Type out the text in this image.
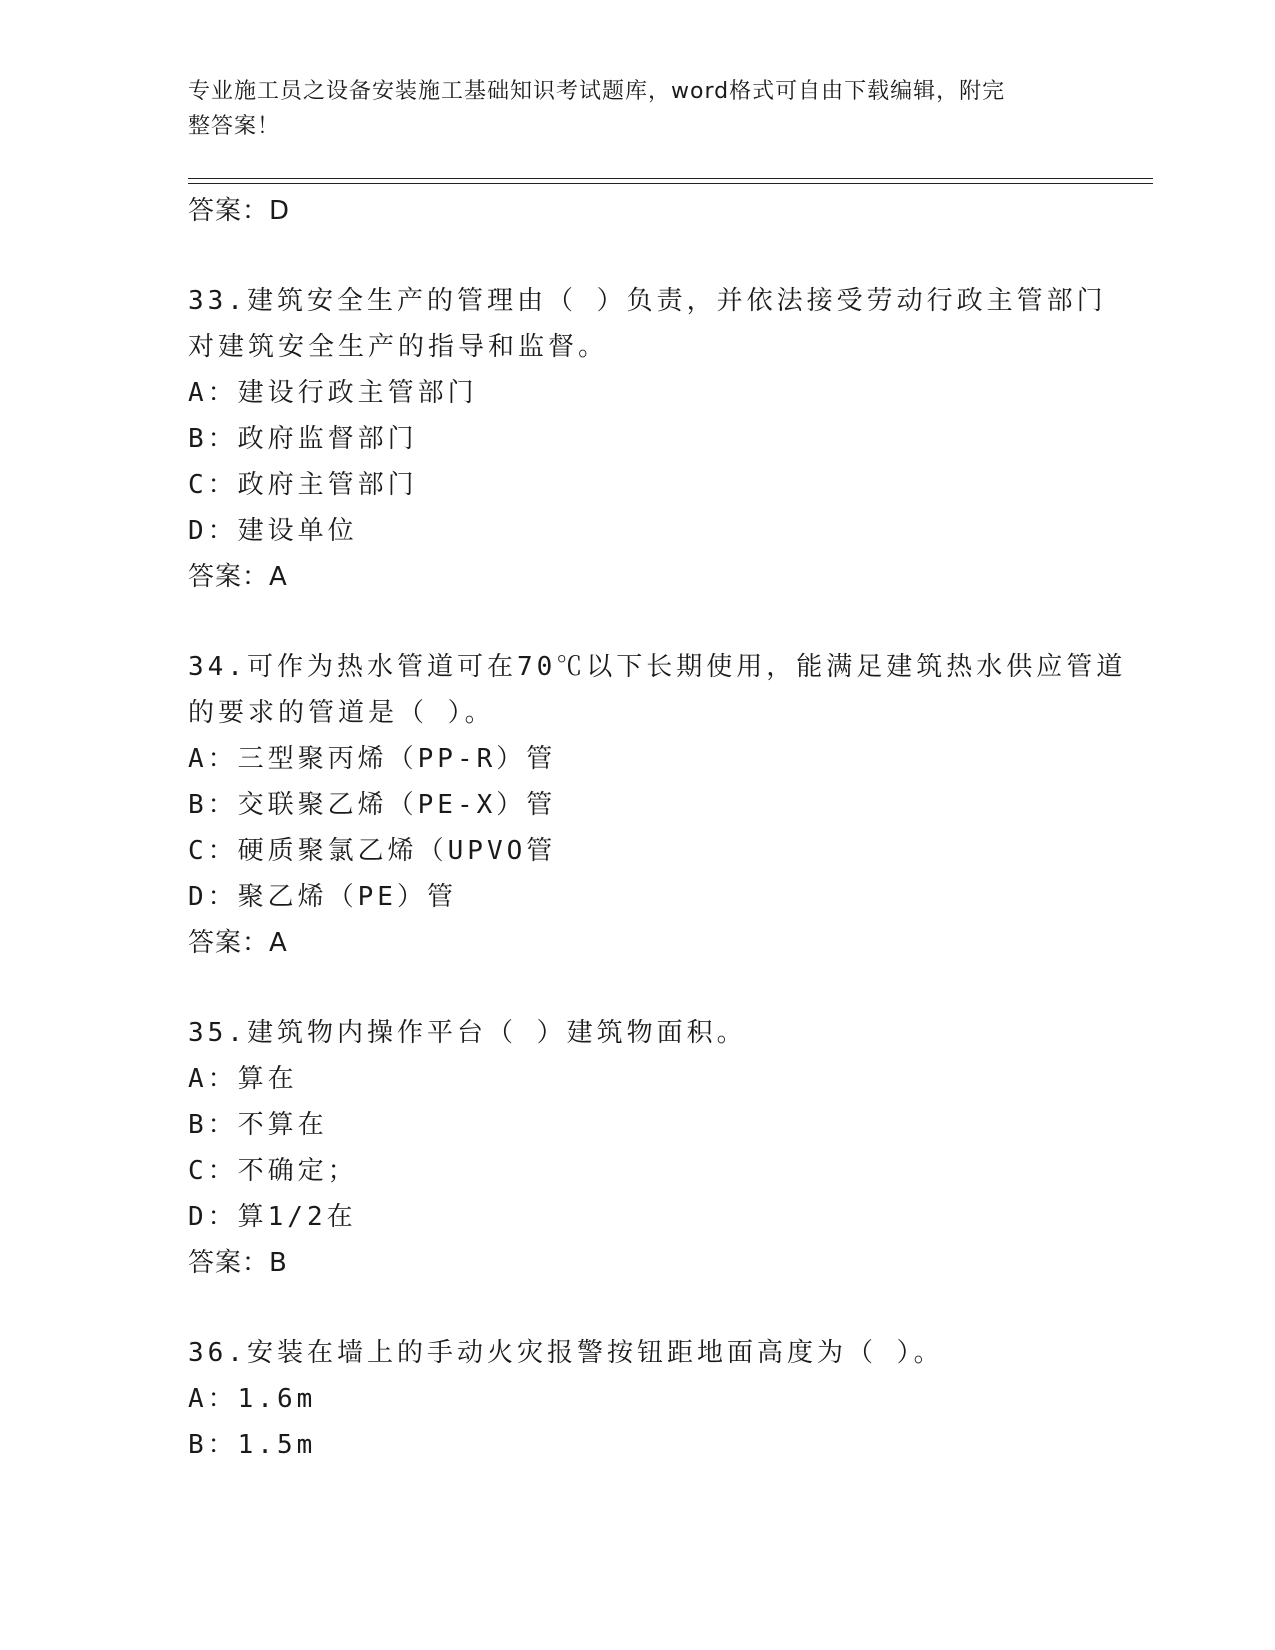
专业施工员之设备安装施工基础知识考试题库，word格式可自由下载编辑，附完
整答案！
答案：D
33.建筑安全生产的管理由（ ）负责，并依法接受劳动行政主管部门
对建筑安全生产的指导和监督。
A：建设行政主管部门
B：政府监督部门
C：政府主管部门
D：建设单位
答案：A
34.可作为热水管道可在70℃以下长期使用，能满足建筑热水供应管道
的要求的管道是（ ）。
A：三型聚丙烯（PP-R）管
B：交联聚乙烯（PE-X）管
C：硬质聚氯乙烯（UPVO管
D：聚乙烯（PE）管
答案：A
35.建筑物内操作平台（ ）建筑物面积。
A：算在
B：不算在
C：不确定；
D：算1/2在
答案：B
36.安装在墙上的手动火灾报警按钮距地面高度为（ ）。
A：1.6m
B：1.5m
